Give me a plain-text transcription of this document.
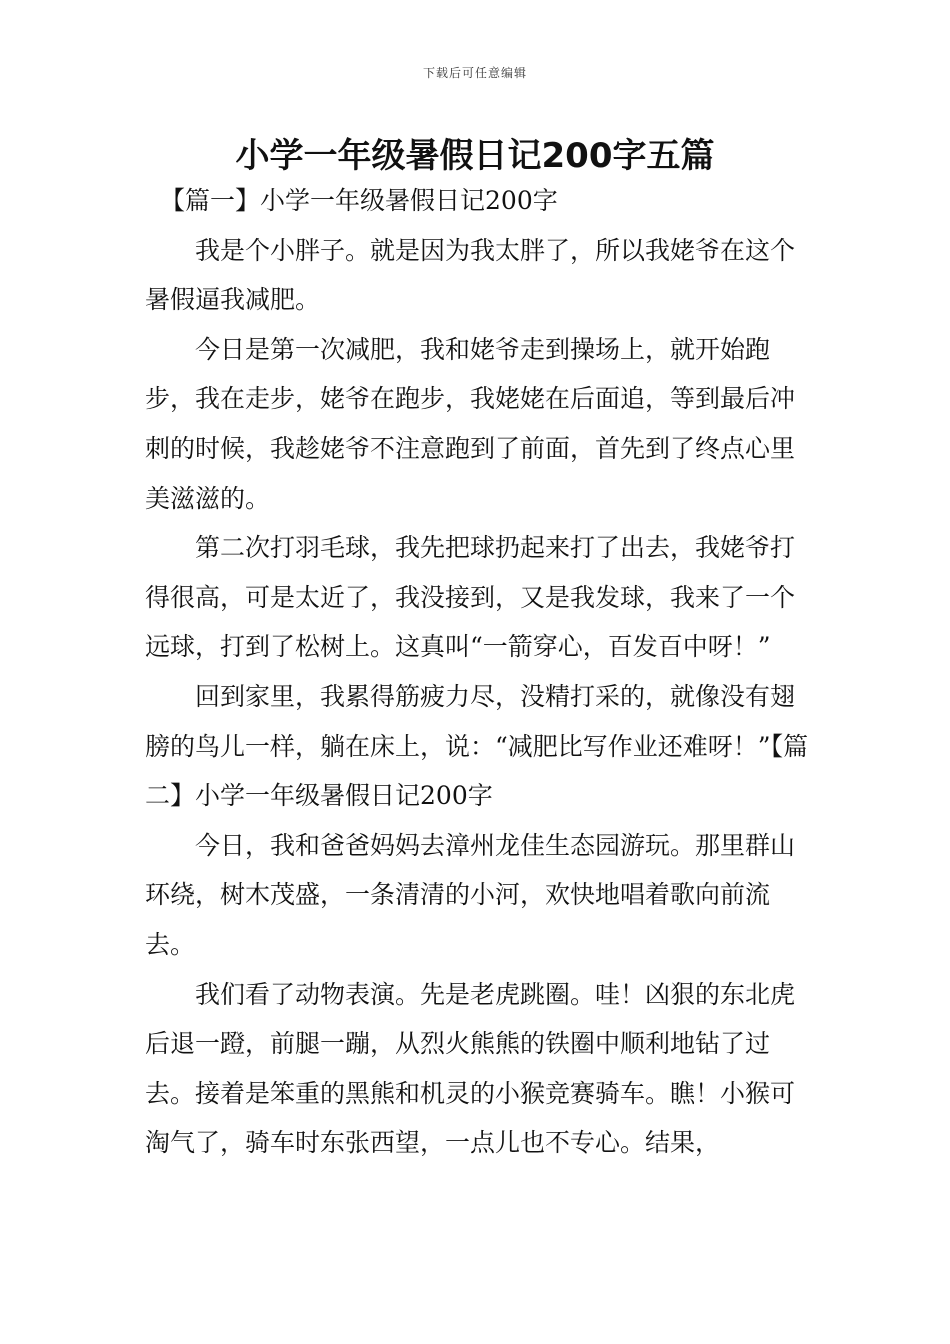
下载后可任意编辑
小学一年级暑假日记200字五篇

【篇一】小学一年级暑假日记200字

我是个小胖子。就是因为我太胖了，所以我姥爷在这个暑假逼我减肥。

今日是第一次减肥，我和姥爷走到操场上，就开始跑步，我在走步，姥爷在跑步，我姥姥在后面追，等到最后冲刺的时候，我趁姥爷不注意跑到了前面，首先到了终点心里美滋滋的。

第二次打羽毛球，我先把球扔起来打了出去，我姥爷打得很高，可是太近了，我没接到，又是我发球，我来了一个远球，打到了松树上。这真叫“一箭穿心，百发百中呀！”

回到家里，我累得筋疲力尽，没精打采的，就像没有翅膀的鸟儿一样，躺在床上，说：“减肥比写作业还难呀！”【篇二】小学一年级暑假日记200字

今日，我和爸爸妈妈去漳州龙佳生态园游玩。那里群山环绕，树木茂盛，一条清清的小河，欢快地唱着歌向前流去。

我们看了动物表演。先是老虎跳圈。哇！凶狠的东北虎后退一蹬，前腿一蹦，从烈火熊熊的铁圈中顺利地钻了过去。接着是笨重的黑熊和机灵的小猴竞赛骑车。瞧！小猴可淘气了，骑车时东张西望，一点儿也不专心。结果，
